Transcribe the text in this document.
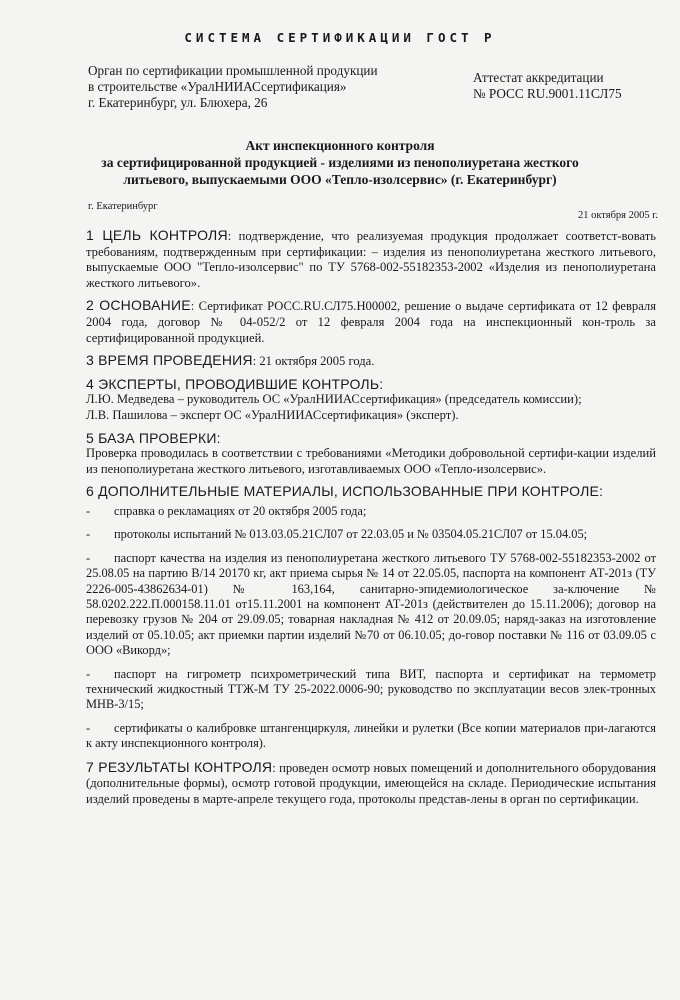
СИСТЕМА СЕРТИФИКАЦИИ ГОСТ Р
Орган по сертификации промышленной продукции
в строительстве «УралНИИАСсертификация»
г. Екатеринбург, ул. Блюхера, 26
Аттестат аккредитации
№ РОСС RU.9001.11СЛ75
Акт инспекционного контроля
за сертифицированной продукцией - изделиями из пенополиуретана жесткого
литьевого, выпускаемыми ООО «Тепло-изолсервис» (г. Екатеринбург)
г. Екатеринбург
21 октября 2005 г.
1 ЦЕЛЬ КОНТРОЛЯ: подтверждение, что реализуемая продукция продолжает соответст-вовать требованиям, подтвержденным при сертификации: – изделия из пенополиуретана жесткого литьевого, выпускаемые ООО "Тепло-изолсервис" по ТУ 5768-002-55182353-2002 «Изделия из пенополиуретана жесткого литьевого».
2 ОСНОВАНИЕ: Сертификат РОСС.RU.СЛ75.Н00002, решение о выдаче сертификата от 12 февраля 2004 года, договор № 04-052/2 от 12 февраля 2004 года на инспекционный кон-троль за сертифицированной продукцией.
3 ВРЕМЯ ПРОВЕДЕНИЯ: 21 октября 2005 года.
4 ЭКСПЕРТЫ, ПРОВОДИВШИЕ КОНТРОЛЬ:
Л.Ю. Медведева – руководитель ОС «УралНИИАСсертификация» (председатель комиссии);
Л.В. Пашилова – эксперт ОС «УралНИИАСсертификация» (эксперт).
5 БАЗА ПРОВЕРКИ:
Проверка проводилась в соответствии с требованиями «Методики добровольной сертифи-кации изделий из пенополиуретана жесткого литьевого, изготавливаемых ООО «Тепло-изолсервис».
6 ДОПОЛНИТЕЛЬНЫЕ МАТЕРИАЛЫ, ИСПОЛЬЗОВАННЫЕ ПРИ КОНТРОЛЕ:
- справка о рекламациях от 20 октября 2005 года;
- протоколы испытаний № 013.03.05.21СЛ07 от 22.03.05 и № 03504.05.21СЛ07 от 15.04.05;
- паспорт качества на изделия из пенополиуретана жесткого литьевого ТУ 5768-002-55182353-2002 от 25.08.05 на партию В/14 20170 кг, акт приема сырья № 14 от 22.05.05, паспорта на компонент АТ-201з (ТУ 2226-005-43862634-01) № 163,164, санитарно-эпидемиологическое за-ключение № 58.0202.222.П.000158.11.01 от15.11.2001 на компонент АТ-201з (действителен до 15.11.2006); договор на перевозку грузов № 204 от 29.09.05; товарная накладная № 412 от 20.09.05; наряд-заказ на изготовление изделий от 05.10.05; акт приемки партии изделий №70 от 06.10.05; до-говор поставки № 116 от 03.09.05 с ООО «Викорд»;
- паспорт на гигрометр психрометрический типа ВИТ, паспорта и сертификат на термометр технический жидкостный ТТЖ-М ТУ 25-2022.0006-90; руководство по эксплуатации весов элек-тронных МНВ-3/15;
- сертификаты о калибровке штангенциркуля, линейки и рулетки (Все копии материалов при-лагаются к акту инспекционного контроля).
7 РЕЗУЛЬТАТЫ КОНТРОЛЯ: проведен осмотр новых помещений и дополнительного оборудования (дополнительные формы), осмотр готовой продукции, имеющейся на складе. Периодические испытания изделий проведены в марте-апреле текущего года, протоколы представ-лены в орган по сертификации.
